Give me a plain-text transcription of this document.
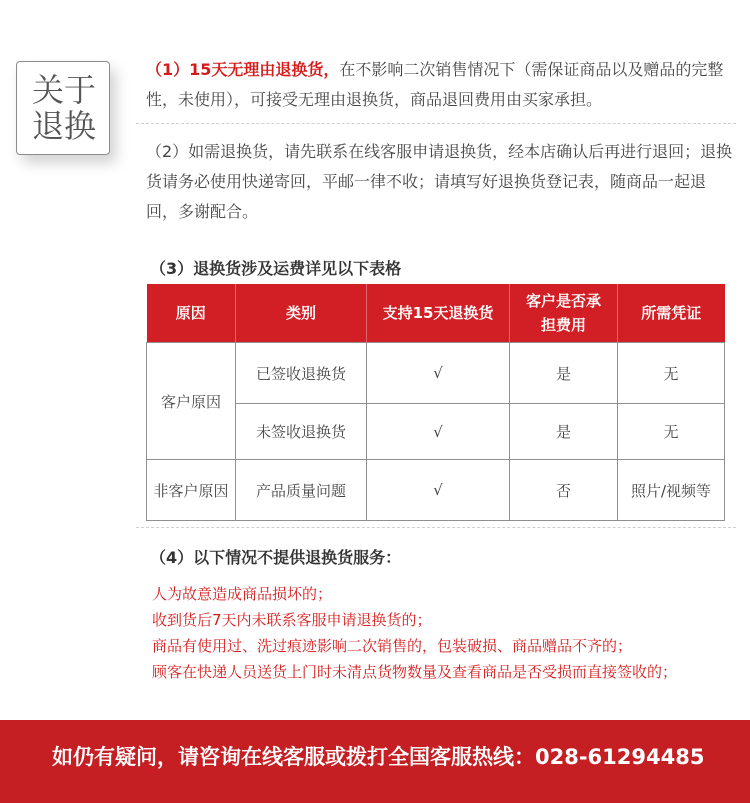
关于
退换

（1）15天无理由退换货，在不影响二次销售情况下（需保证商品以及赠品的完整性，未使用），可接受无理由退换货，商品退回费用由买家承担。

（2）如需退换货，请先联系在线客服申请退换货，经本店确认后再进行退回；退换货请务必使用快递寄回，平邮一律不收；请填写好退换货登记表，随商品一起退回，多谢配合。

（3）退换货涉及运费详见以下表格
原因	类别	支持15天退换货	客户是否承担费用	所需凭证
客户原因	已签收退换货	√	是	无
	未签收退换货	√	是	无
非客户原因	产品质量问题	√	否	照片/视频等
（4）以下情况不提供退换货服务：
人为故意造成商品损坏的；
收到货后7天内未联系客服申请退换货的；
商品有使用过、洗过痕迹影响二次销售的，包装破损、商品赠品不齐的；
顾客在快递人员送货上门时未清点货物数量及查看商品是否受损而直接签收的；
如仍有疑问，请咨询在线客服或拨打全国客服热线：028-61294485
